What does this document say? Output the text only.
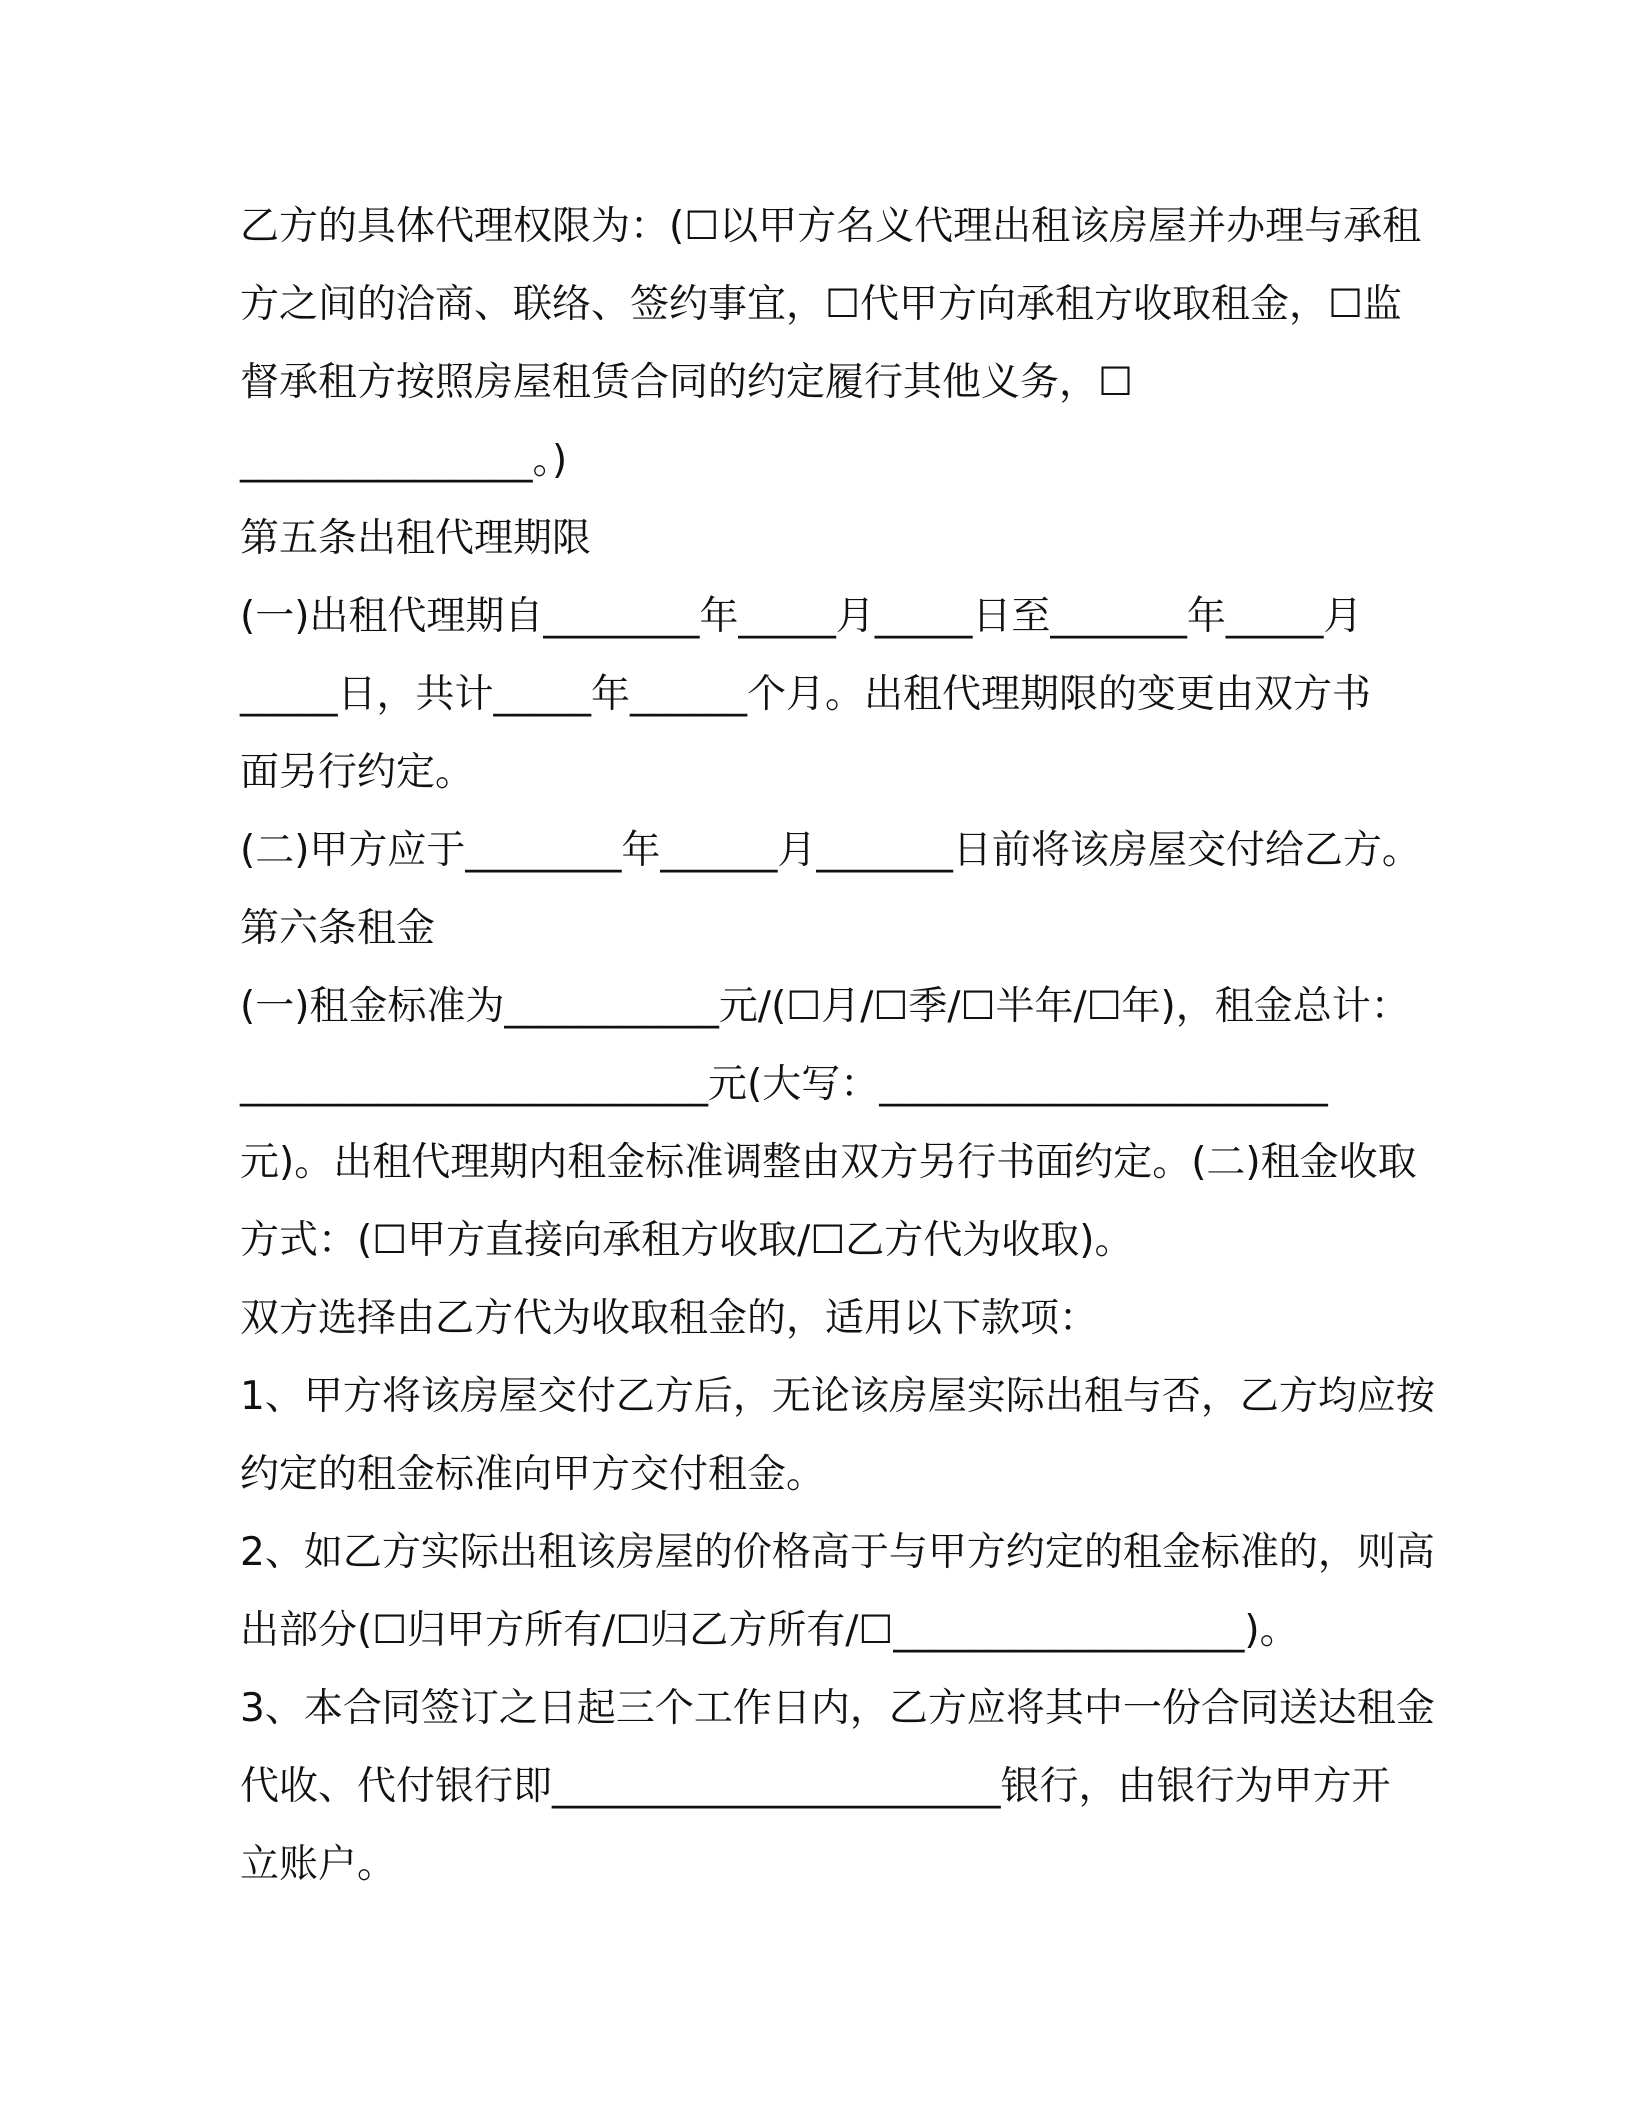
乙方的具体代理权限为：(☐以甲方名义代理出租该房屋并办理与承租
方之间的洽商、联络、签约事宜，☐代甲方向承租方收取租金，☐监
督承租方按照房屋租赁合同的约定履行其他义务，☐
_______________。)
第五条出租代理期限
(一)出租代理期自________年_____月_____日至_______年_____月
_____日，共计_____年______个月。出租代理期限的变更由双方书
面另行约定。
(二)甲方应于________年______月_______日前将该房屋交付给乙方。
第六条租金
(一)租金标准为___________元/(☐月/☐季/☐半年/☐年)，租金总计：
________________________元(大写：_______________________
元)。出租代理期内租金标准调整由双方另行书面约定。(二)租金收取
方式：(☐甲方直接向承租方收取/☐乙方代为收取)。
双方选择由乙方代为收取租金的，适用以下款项：
1、甲方将该房屋交付乙方后，无论该房屋实际出租与否，乙方均应按
约定的租金标准向甲方交付租金。
2、如乙方实际出租该房屋的价格高于与甲方约定的租金标准的，则高
出部分(☐归甲方所有/☐归乙方所有/☐__________________)。
3、本合同签订之日起三个工作日内，乙方应将其中一份合同送达租金
代收、代付银行即_______________________银行，由银行为甲方开
立账户。
